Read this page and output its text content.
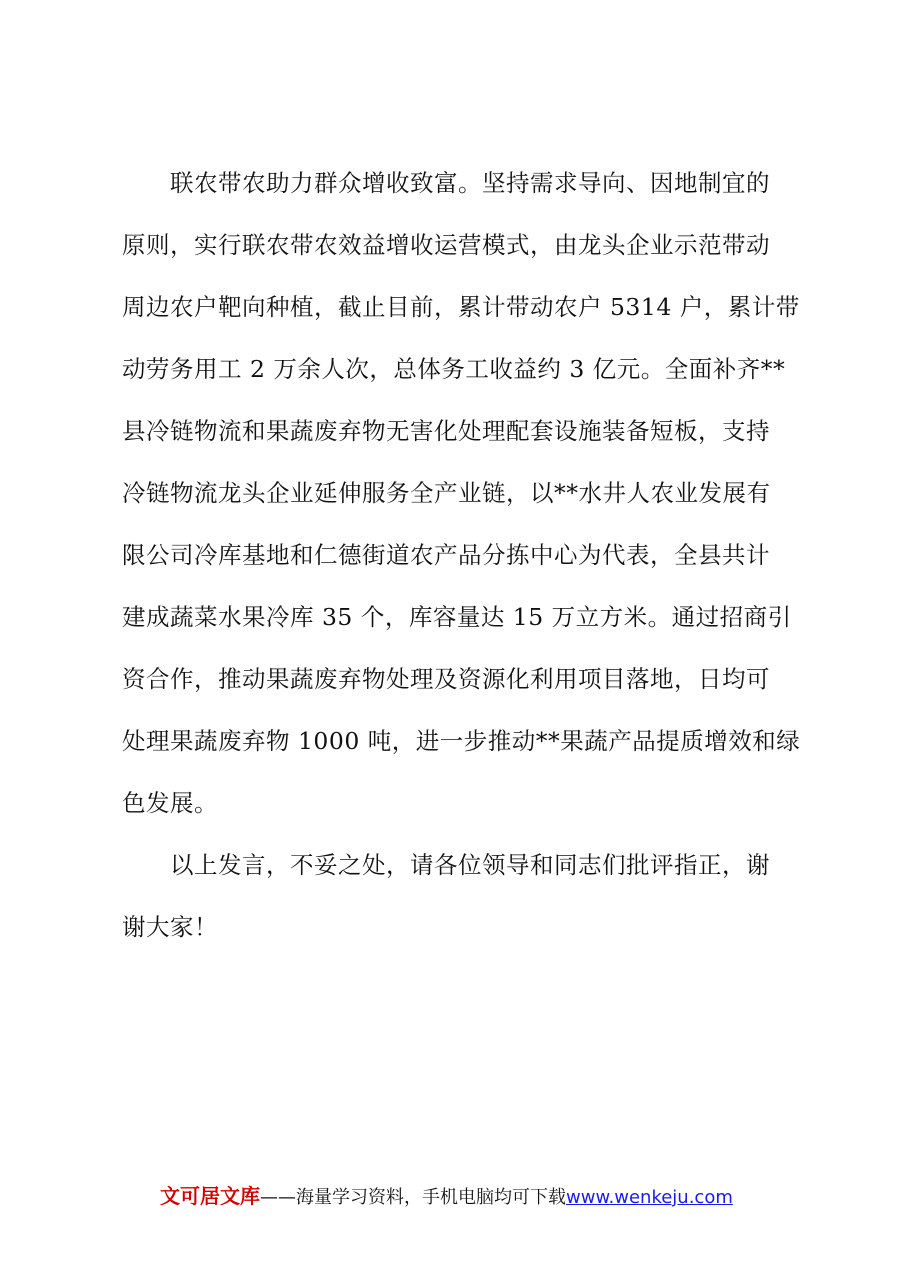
联农带农助力群众增收致富。坚持需求导向、因地制宜的
原则，实行联农带农效益增收运营模式，由龙头企业示范带动
周边农户靶向种植，截止目前，累计带动农户 5314 户，累计带
动劳务用工 2 万余人次，总体务工收益约 3 亿元。全面补齐**
县冷链物流和果蔬废弃物无害化处理配套设施装备短板，支持
冷链物流龙头企业延伸服务全产业链，以**水井人农业发展有
限公司冷库基地和仁德街道农产品分拣中心为代表，全县共计
建成蔬菜水果冷库 35 个，库容量达 15 万立方米。通过招商引
资合作，推动果蔬废弃物处理及资源化利用项目落地，日均可
处理果蔬废弃物 1000 吨，进一步推动**果蔬产品提质增效和绿
色发展。
以上发言，不妥之处，请各位领导和同志们批评指正，谢
谢大家！
文可居文库——海量学习资料，手机电脑均可下载www.wenkeju.com
